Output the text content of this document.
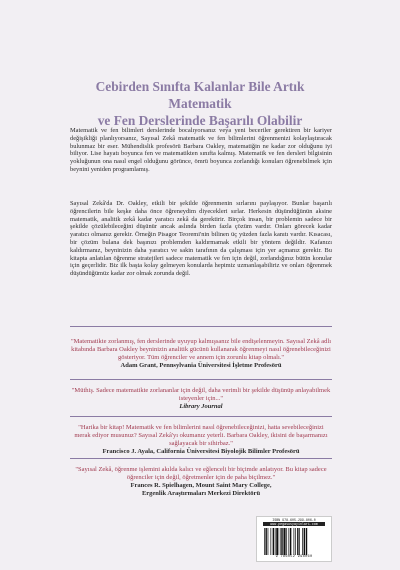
Cebirden Sınıfta Kalanlar Bile Artık Matematik
ve Fen Derslerinde Başarılı Olabilir

Matematik ve fen bilimleri derslerinde bocalıyorsanız veya yeni beceriler gerektiren bir kariyer değişikliği planlıyorsanız, Sayısal Zekâ matematik ve fen bilimlerini öğrenmenizi kolaylaştıracak bulunmaz bir eser. Mühendislik profesörü Barbara Oakley, matematiğin ne kadar zor olduğunu iyi biliyor. Lise hayatı boyunca fen ve matematikten sınıfta kalmış. Matematik ve fen dersleri bilgisinin yokluğunun ona nasıl engel olduğunu görünce, ömrü boyunca zorlandığı konuları öğrenebilmek için beynini yeniden programlamış.

Sayısal Zekâ'da Dr. Oakley, etkili bir şekilde öğrenmenin sırlarını paylaşıyor. Bunlar başarılı öğrencilerin bile keşke daha önce öğreneydim diyecekleri sırlar. Herkesin düşündüğünün aksine matematik, analitik zekâ kadar yaratıcı zekâ da gerektirir. Birçok insan, bir problemin sadece bir şekilde çözülebileceğini düşünür ancak aslında birden fazla çözüm vardır. Onları görecek kadar yaratıcı olmanız gerekir. Örneğin Pisagor Teoremi'nin bilinen üç yüzden fazla kanıtı vardır. Kısacası, bir çözüm bulana dek başınızı problemden kaldırmamak etkili bir yöntem değildir. Kafanızı kaldırmanız, beyninizin daha yaratıcı ve sakin tarafının da çalışması için yer açmanız gerekir. Bu kitapta anlatılan öğrenme stratejileri sadece matematik ve fen için değil, zorlandığınız bütün konular için geçerlidir. Biz ilk başta kolay gelmeyen konularda hepimiz uzmanlaşabiliriz ve onları öğrenmek düşündüğümüz kadar zor olmak zorunda değil.

"Matematikte zorlanmış, fen derslerinde uyuyup kalmışsanız bile endişelenmeyin. Sayısal Zekâ adlı kitabında Barbara Oakley beyninizin analitik gücünü kullanarak öğrenmeyi nasıl öğrenebileceğinizi gösteriyor. Tüm öğrenciler ve annem için zorunlu kitap olmalı."
Adam Grant, Pennsylvania Üniversitesi İşletme Profesörü

"Müthiş. Sadece matematikte zorlananlar için değil, daha verimli bir şekilde düşünüp anlayabilmek isteyenler için..."
Library Journal

"Harika bir kitap! Matematik ve fen bilimlerini nasıl öğrenebileceğinizi, hatta sevebileceğinizi merak ediyor musunuz? Sayısal Zekâ'yı okumanız yeterli. Barbara Oakley, ikisini de başarmanızı sağlayacak bir sihirbaz."
Francisco J. Ayala, California Üniversitesi Biyolojik Bilimler Profesörü

"Sayısal Zekâ, öğrenme işlemini akılda kalıcı ve eğlenceli bir biçimde anlatıyor. Bu kitap sadece öğrenciler için değil, öğretmenler için de paha biçilmez."
Frances R. Spielhagen, Mount Saint Mary College,
Ergenlik Araştırmaları Merkezi Direktörü

ISBN 978-605-299-806-0
www.pegasusyayinlari.com
9 786052 998060
